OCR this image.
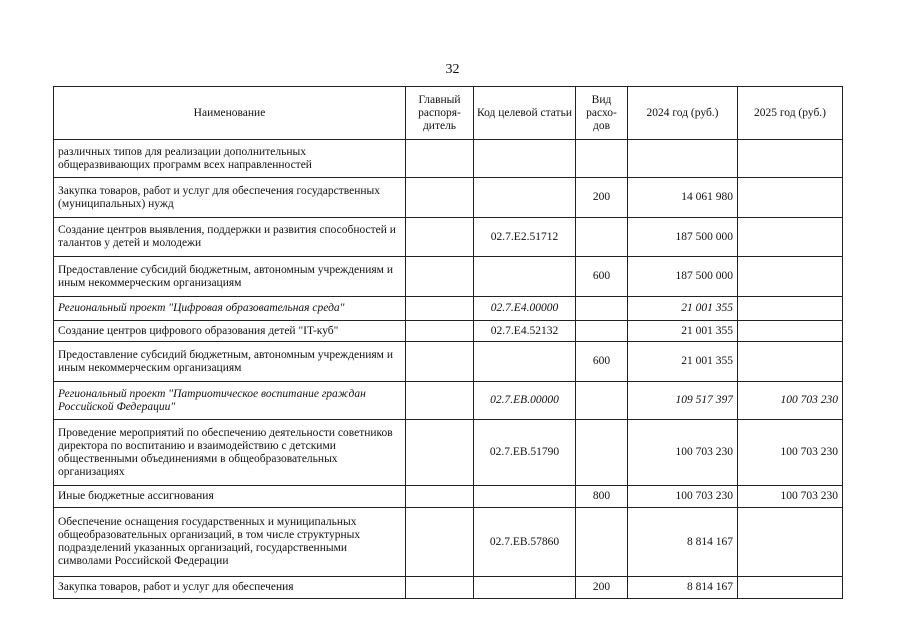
32
Наименование	Главный распоря-дитель	Код целевой статьи	Вид расхо-дов	2024 год (руб.)	2025 год (руб.)
различных типов для реализации дополнительных общеразвивающих программ всех направленностей					
Закупка товаров, работ и услуг для обеспечения государственных (муниципальных) нужд			200	14 061 980	
Создание центров выявления, поддержки и развития способностей и талантов у детей и молодежи		02.7.E2.51712		187 500 000	
Предоставление субсидий бюджетным, автономным учреждениям и иным некоммерческим организациям			600	187 500 000	
Региональный проект "Цифровая образовательная среда"		02.7.E4.00000		21 001 355	
Создание центров цифрового образования детей "IT-куб"		02.7.E4.52132		21 001 355	
Предоставление субсидий бюджетным, автономным учреждениям и иным некоммерческим организациям			600	21 001 355	
Региональный проект "Патриотическое воспитание граждан Российской Федерации"		02.7.EB.00000		109 517 397	100 703 230
Проведение мероприятий по обеспечению деятельности советников директора по воспитанию и взаимодействию с детскими общественными объединениями в общеобразовательных организациях		02.7.EB.51790		100 703 230	100 703 230
Иные бюджетные ассигнования			800	100 703 230	100 703 230
Обеспечение оснащения государственных и муниципальных общеобразовательных организаций, в том числе структурных подразделений указанных организаций, государственными символами Российской Федерации		02.7.EB.57860		8 814 167	
Закупка товаров, работ и услуг для обеспечения			200	8 814 167	
